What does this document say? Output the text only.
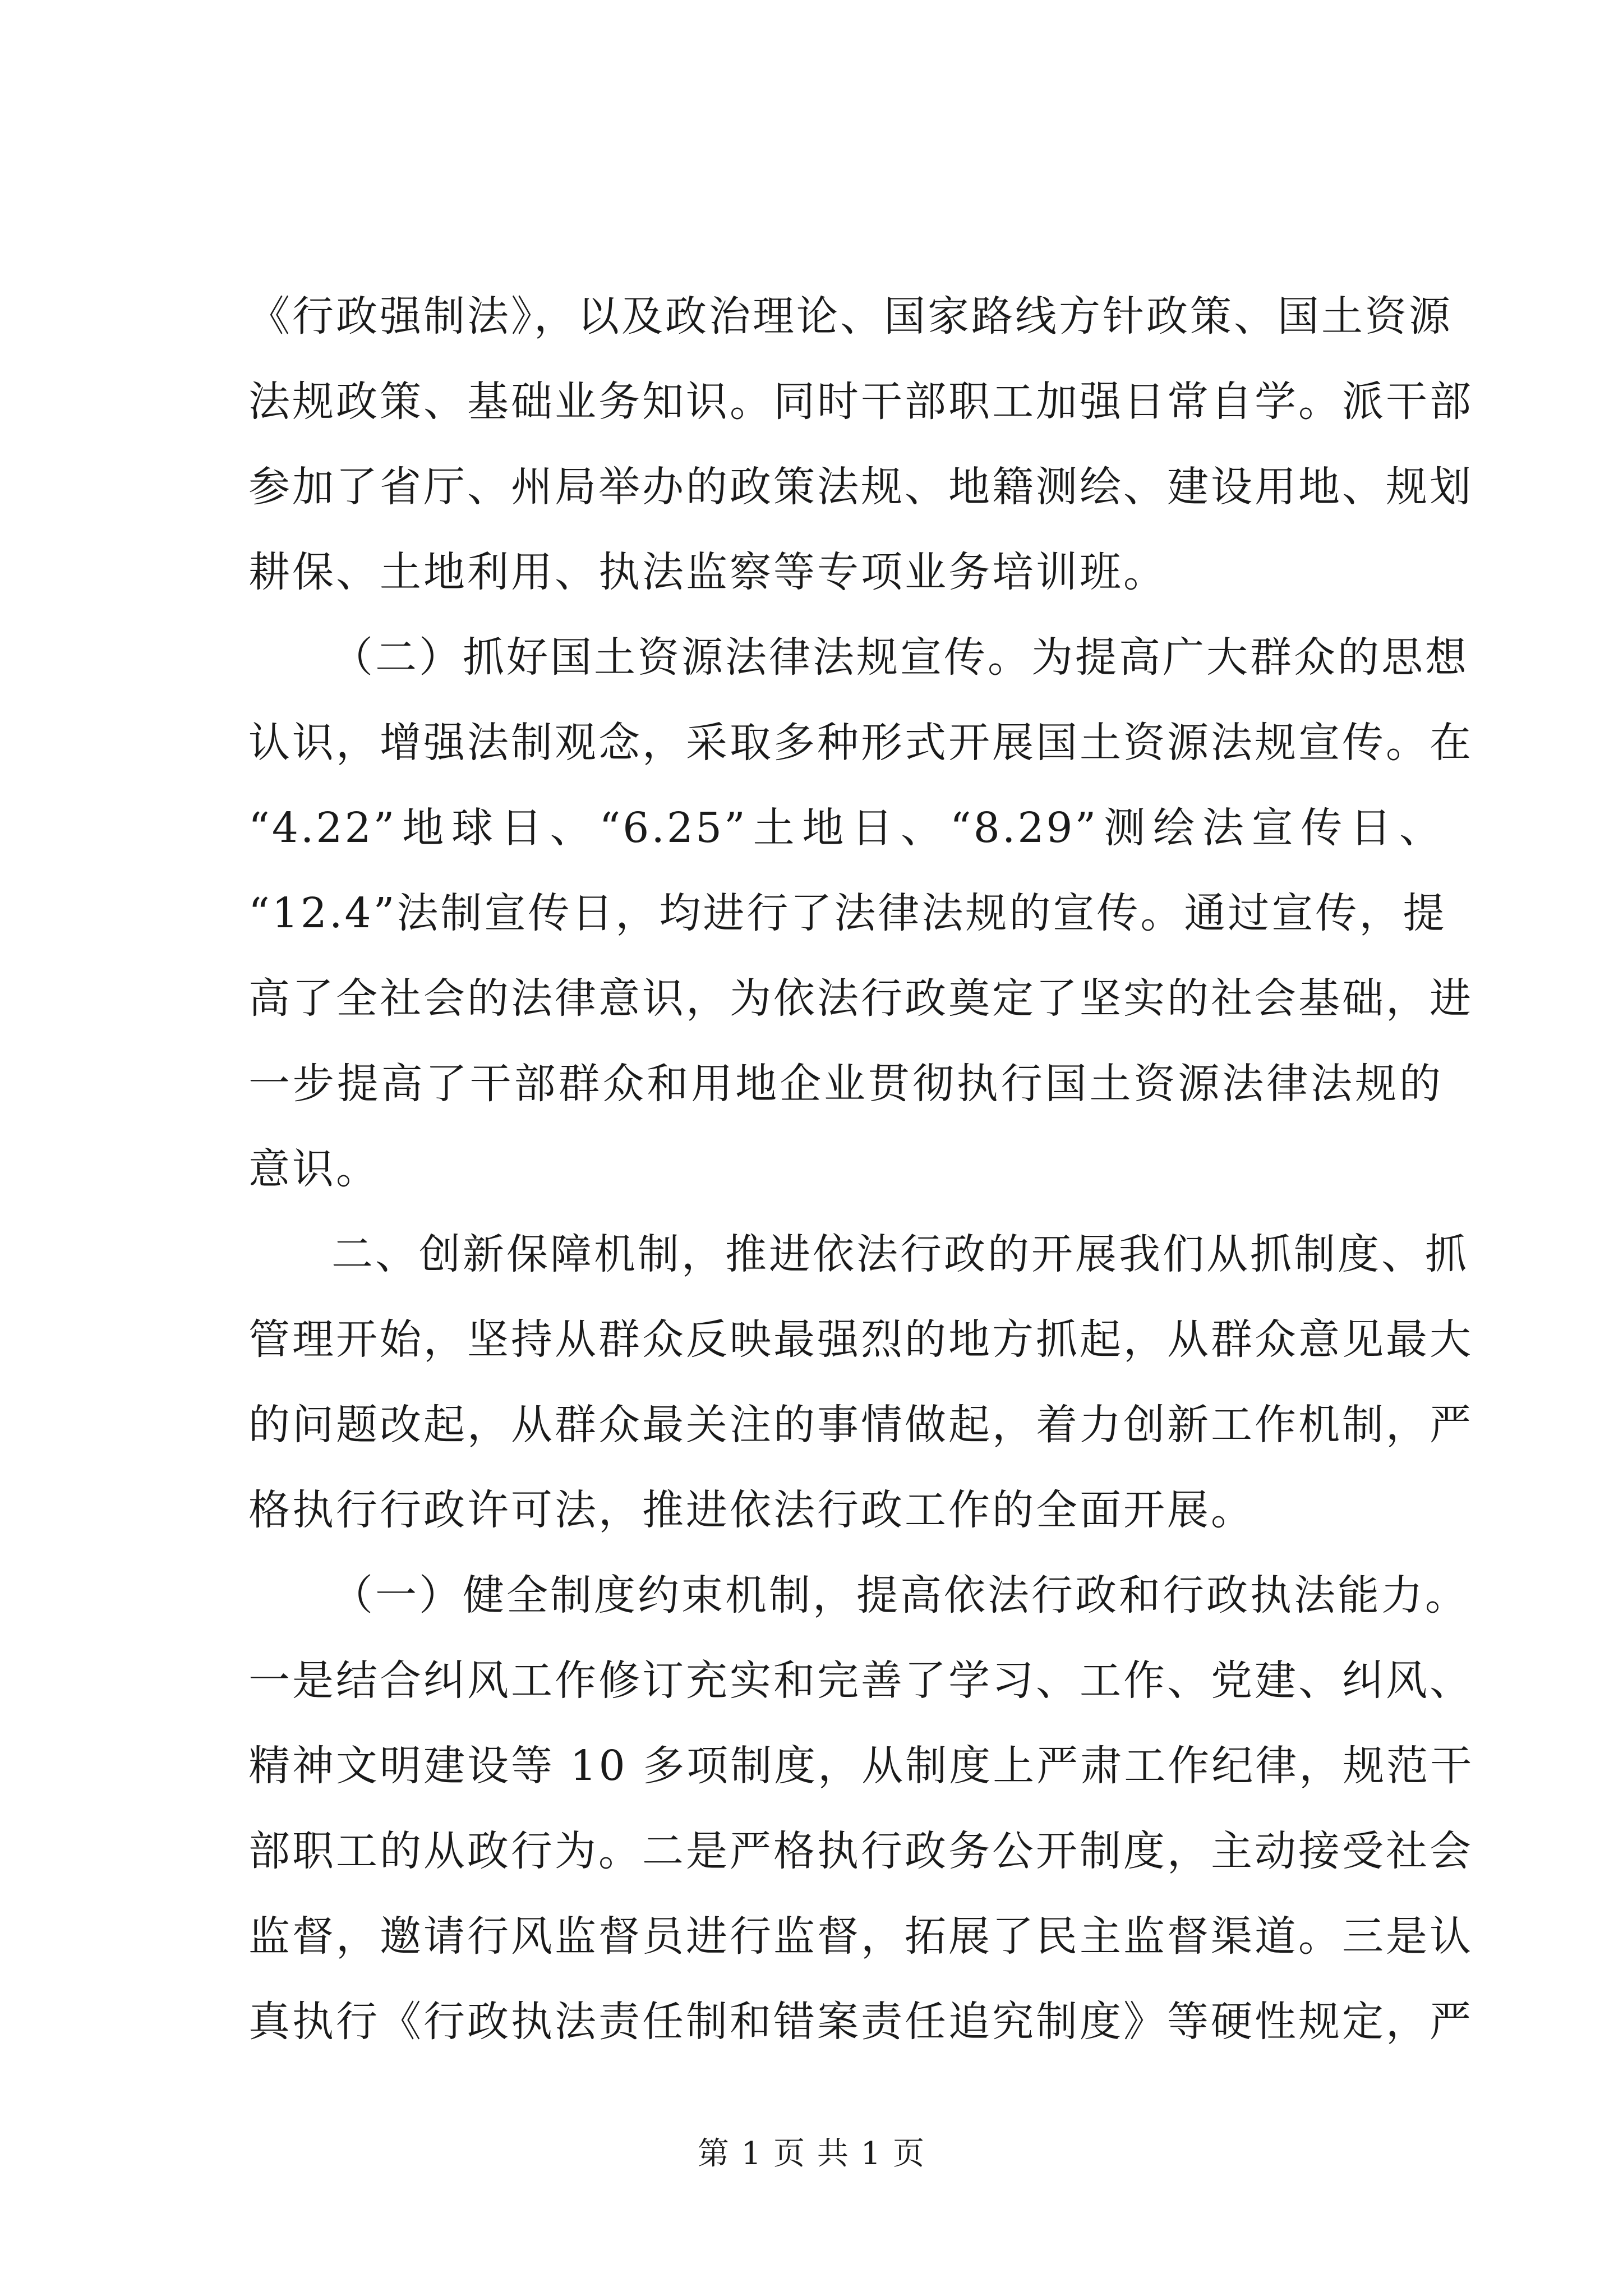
《行政强制法》，以及政治理论、国家路线方针政策、国土资源
法规政策、基础业务知识。同时干部职工加强日常自学。派干部
参加了省厅、州局举办的政策法规、地籍测绘、建设用地、规划
耕保、土地利用、执法监察等专项业务培训班。
（二）抓好国土资源法律法规宣传。为提高广大群众的思想
认识，增强法制观念，采取多种形式开展国土资源法规宣传。在
“4.22”地球日、“6.25”土地日、“8.29”测绘法宣传日、
“12.4”法制宣传日，均进行了法律法规的宣传。通过宣传，提
高了全社会的法律意识，为依法行政奠定了坚实的社会基础，进
一步提高了干部群众和用地企业贯彻执行国土资源法律法规的
意识。
二、创新保障机制，推进依法行政的开展我们从抓制度、抓
管理开始，坚持从群众反映最强烈的地方抓起，从群众意见最大
的问题改起，从群众最关注的事情做起，着力创新工作机制，严
格执行行政许可法，推进依法行政工作的全面开展。
（一）健全制度约束机制，提高依法行政和行政执法能力。
一是结合纠风工作修订充实和完善了学习、工作、党建、纠风、
精神文明建设等 10 多项制度，从制度上严肃工作纪律，规范干
部职工的从政行为。二是严格执行政务公开制度，主动接受社会
监督，邀请行风监督员进行监督，拓展了民主监督渠道。三是认
真执行《行政执法责任制和错案责任追究制度》等硬性规定，严
第 1 页 共 1 页
